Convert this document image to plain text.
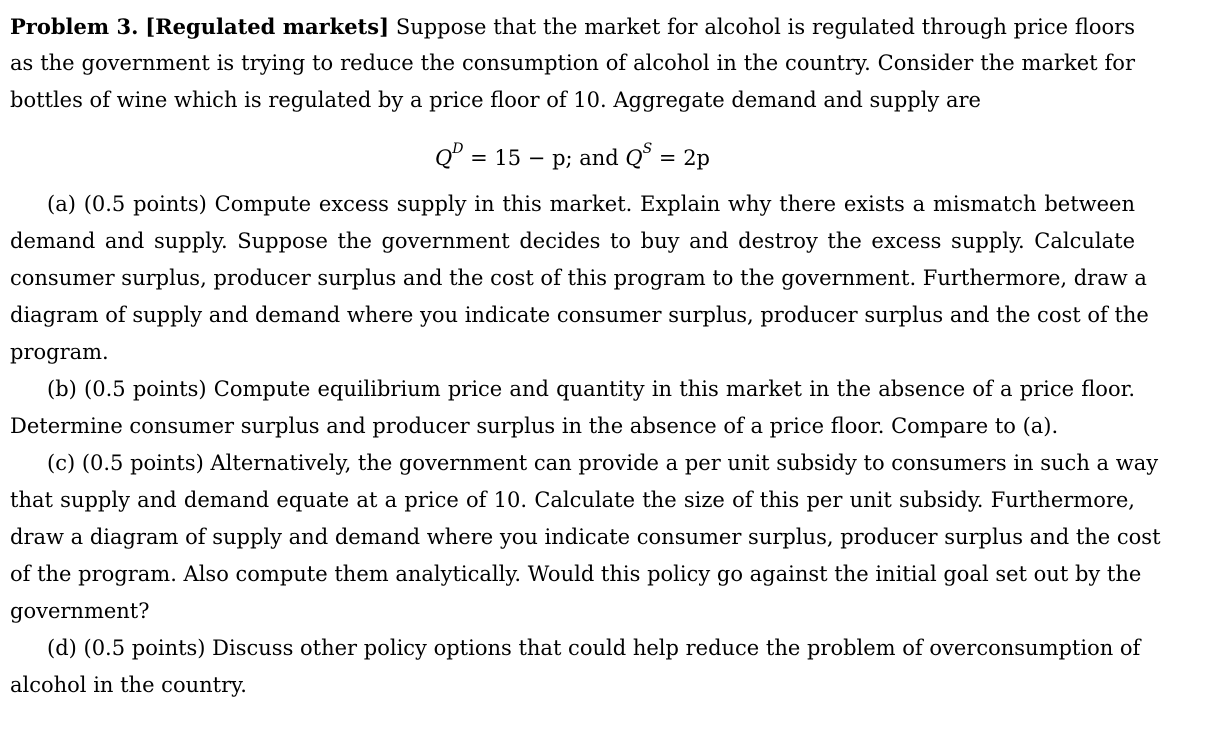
Problem 3. [Regulated markets] Suppose that the market for alcohol is regulated through price floors
as the government is trying to reduce the consumption of alcohol in the country. Consider the market for
bottles of wine which is regulated by a price floor of 10. Aggregate demand and supply are
$Q^D = 15 - p$; and $Q^S = 2p$
(a) (0.5 points) Compute excess supply in this market. Explain why there exists a mismatch between
demand and supply. Suppose the government decides to buy and destroy the excess supply. Calculate
consumer surplus, producer surplus and the cost of this program to the government. Furthermore, draw a
diagram of supply and demand where you indicate consumer surplus, producer surplus and the cost of the
program.
(b) (0.5 points) Compute equilibrium price and quantity in this market in the absence of a price floor.
Determine consumer surplus and producer surplus in the absence of a price floor. Compare to (a).
(c) (0.5 points) Alternatively, the government can provide a per unit subsidy to consumers in such a way
that supply and demand equate at a price of 10. Calculate the size of this per unit subsidy. Furthermore,
draw a diagram of supply and demand where you indicate consumer surplus, producer surplus and the cost
of the program. Also compute them analytically. Would this policy go against the initial goal set out by the
government?
(d) (0.5 points) Discuss other policy options that could help reduce the problem of overconsumption of
alcohol in the country.
